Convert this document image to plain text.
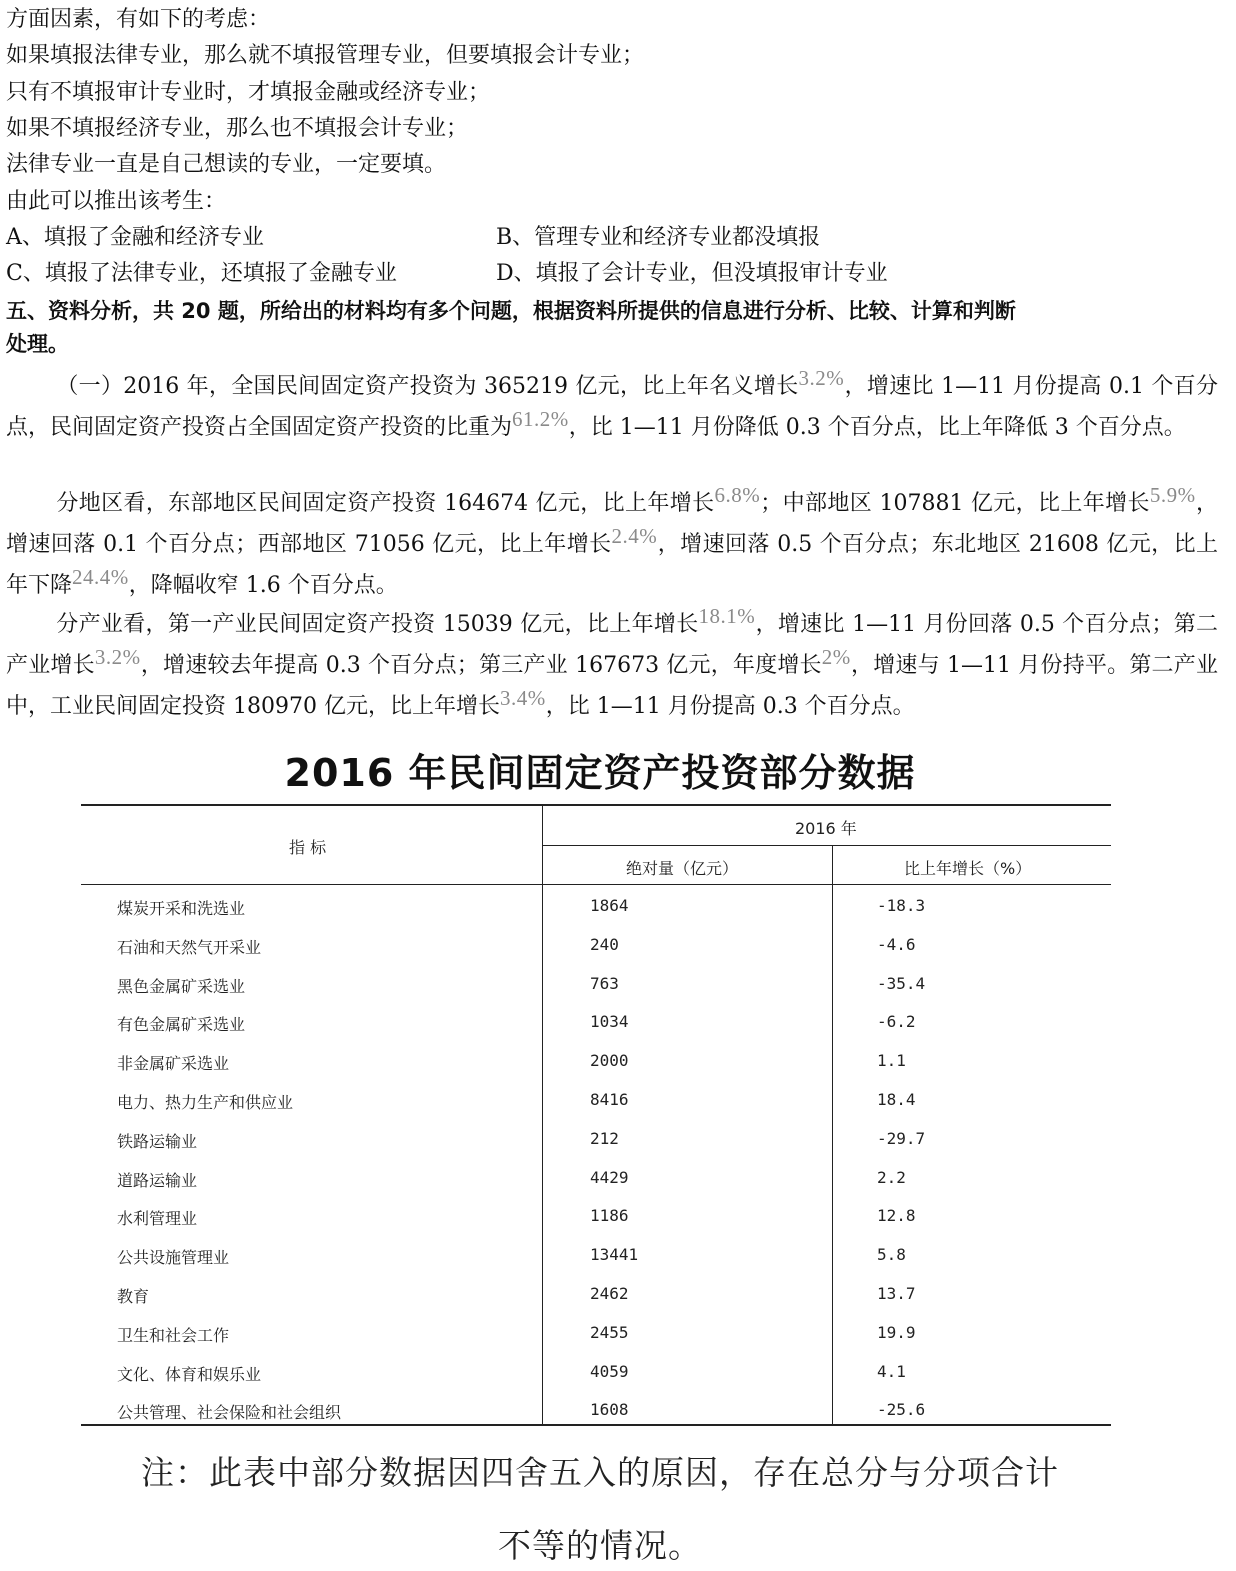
方面因素，有如下的考虑：
如果填报法律专业，那么就不填报管理专业，但要填报会计专业；
只有不填报审计专业时，才填报金融或经济专业；
如果不填报经济专业，那么也不填报会计专业；
法律专业一直是自己想读的专业，一定要填。
由此可以推出该考生：
A、填报了金融和经济专业	B、管理专业和经济专业都没填报
C、填报了法律专业，还填报了金融专业	D、填报了会计专业，但没填报审计专业
五、资料分析，共 20 题，所给出的材料均有多个问题，根据资料所提供的信息进行分析、比较、计算和判断
处理。
（一）2016 年，全国民间固定资产投资为 365219 亿元，比上年名义增长3.2%，增速比 1—11 月份提高 0.1 个百分点，民间固定资产投资占全国固定资产投资的比重为61.2%，比 1—11 月份降低 0.3 个百分点，比上年降低 3 个百分点。
分地区看，东部地区民间固定资产投资 164674 亿元，比上年增长6.8%；中部地区 107881 亿元，比上年增长5.9%，增速回落 0.1 个百分点；西部地区 71056 亿元，比上年增长2.4%，增速回落 0.5 个百分点；东北地区 21608 亿元，比上年下降24.4%，降幅收窄 1.6 个百分点。
分产业看，第一产业民间固定资产投资 15039 亿元，比上年增长18.1%，增速比 1—11 月份回落 0.5 个百分点；第二产业增长3.2%，增速较去年提高 0.3 个百分点；第三产业 167673 亿元，年度增长2%，增速与 1—11 月份持平。第二产业中，工业民间固定投资 180970 亿元，比上年增长3.4%，比 1—11 月份提高 0.3 个百分点。
2016 年民间固定资产投资部分数据
指 标
2016 年
绝对量（亿元）	比上年增长（%）
煤炭开采和洗选业	1864	-18.3
石油和天然气开采业	240	-4.6
黑色金属矿采选业	763	-35.4
有色金属矿采选业	1034	-6.2
非金属矿采选业	2000	1.1
电力、热力生产和供应业	8416	18.4
铁路运输业	212	-29.7
道路运输业	4429	2.2
水利管理业	1186	12.8
公共设施管理业	13441	5.8
教育	2462	13.7
卫生和社会工作	2455	19.9
文化、体育和娱乐业	4059	4.1
公共管理、社会保险和社会组织	1608	-25.6
注：此表中部分数据因四舍五入的原因，存在总分与分项合计
不等的情况。
